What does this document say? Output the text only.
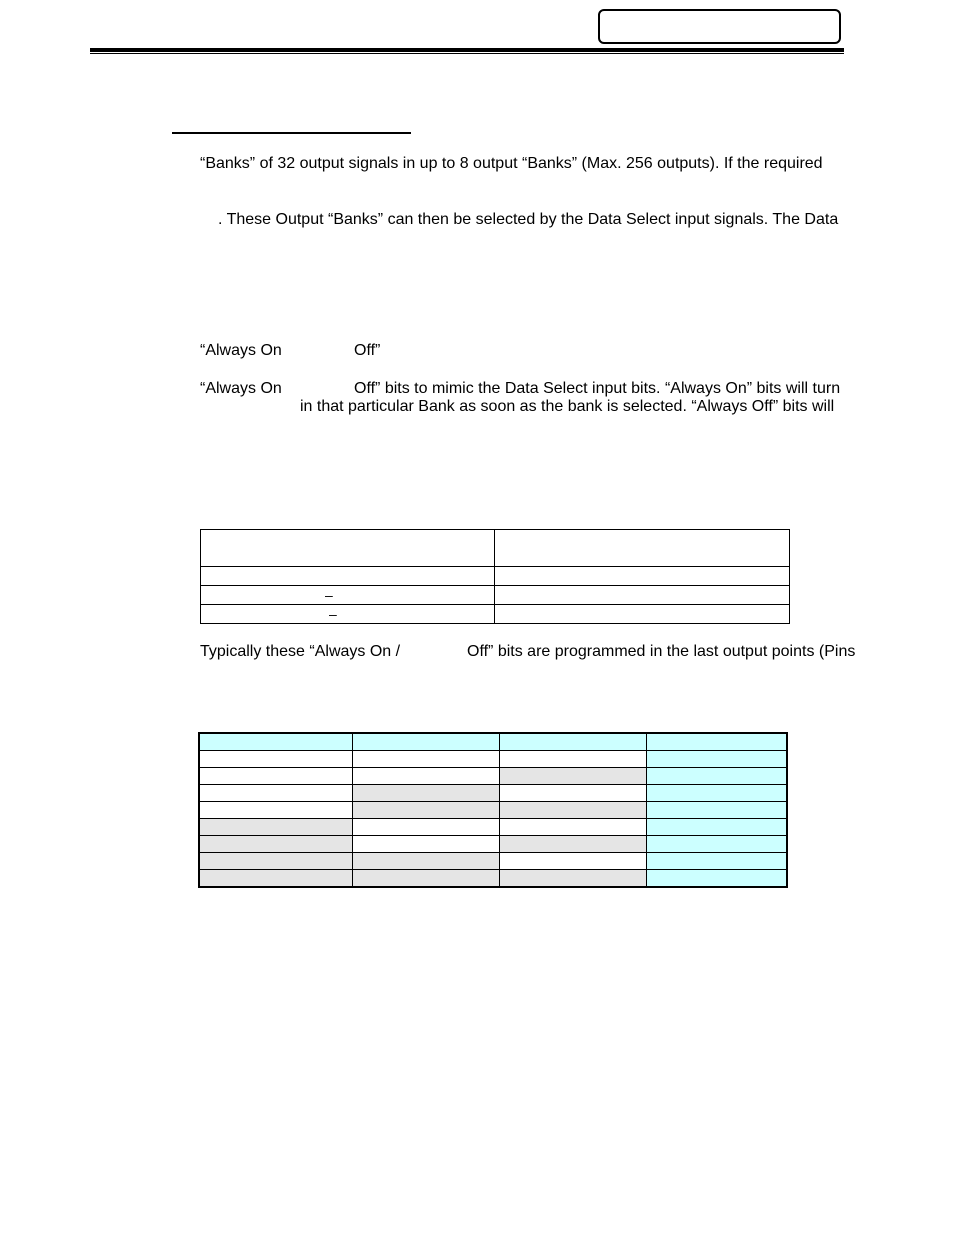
“Banks” of 32 output signals in up to 8 output “Banks” (Max. 256 outputs). If the required
. These Output “Banks” can then be selected by the Data Select input signals. The Data
“Always On	Off”
“Always On	Off” bits to mimic the Data Select input bits. “Always On” bits will turn
in that particular Bank as soon as the bank is selected. “Always Off” bits will

–	

–	

Typically these “Always On /	Off” bits are programmed in the last output points (Pins
